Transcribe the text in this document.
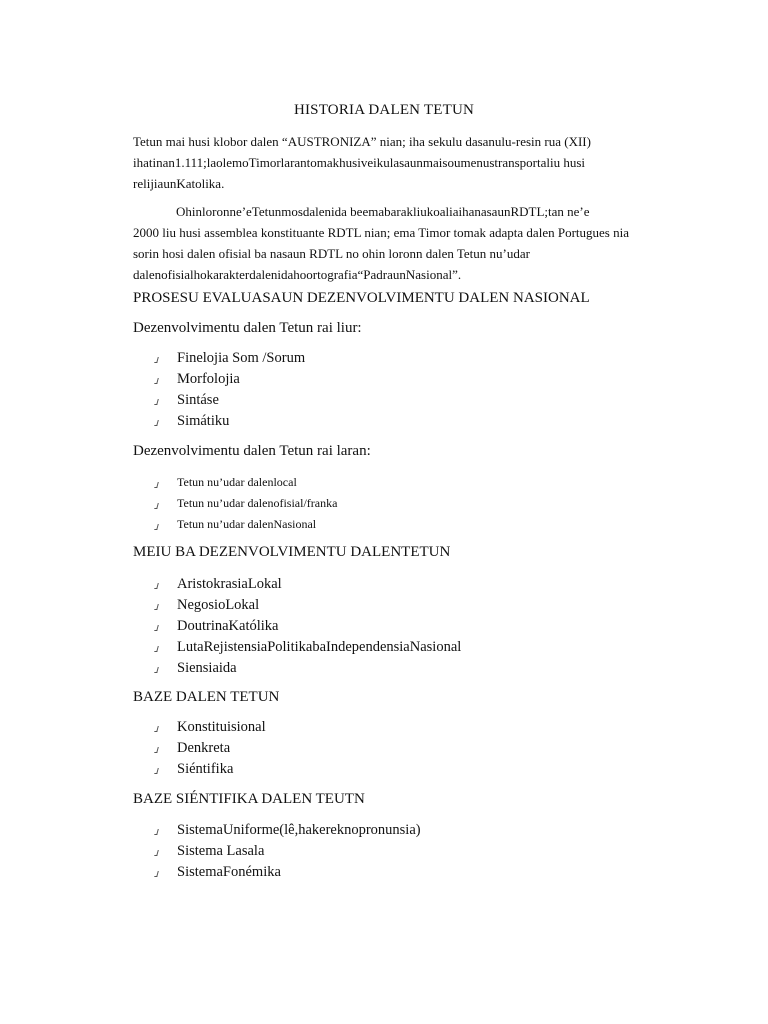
HISTORIA DALEN TETUN
Tetun mai husi klobor dalen “AUSTRONIZA” nian; iha sekulu dasanulu-resin rua (XII)
ihatinan1.111;laolemoTimorlarantomakhusiveikulasaunmaisoumenustransportaliu husi
relijiaunKatolika.
Ohinloronne’eTetunmosdalenida beemabarakliukoaliaihanasaunRDTL;tan ne’e
2000 liu husi assemblea konstituante RDTL nian; ema Timor tomak adapta dalen Portugues nia
sorin hosi dalen ofisial ba nasaun RDTL no ohin loronn dalen Tetun nu’udar
dalenofisialhokarakterdalenidahoortografia“PadraunNasional”.
PROSESU EVALUASAUN DEZENVOLVIMENTU DALEN NASIONAL
Dezenvolvimentu dalen Tetun rai liur:
Finelojia Som /Sorum
Morfolojia
Sintáse
Simátiku
Dezenvolvimentu dalen Tetun rai laran:
Tetun nu’udar dalenlocal
Tetun nu’udar dalenofisial/franka
Tetun nu’udar dalenNasional
MEIU BA DEZENVOLVIMENTU DALENTETUN
AristokrasiaLokal
NegosioLokal
DoutrinaKatólika
LutaRejistensiaPolitikabaIndependensiaNasional
Siensiaida
BAZE DALEN TETUN
Konstituisional
Denkreta
Siéntifika
BAZE SIÉNTIFIKA DALEN TEUTN
SistemaUniforme(lê,hakereknopronunsia)
Sistema Lasala
SistemaFonémika
